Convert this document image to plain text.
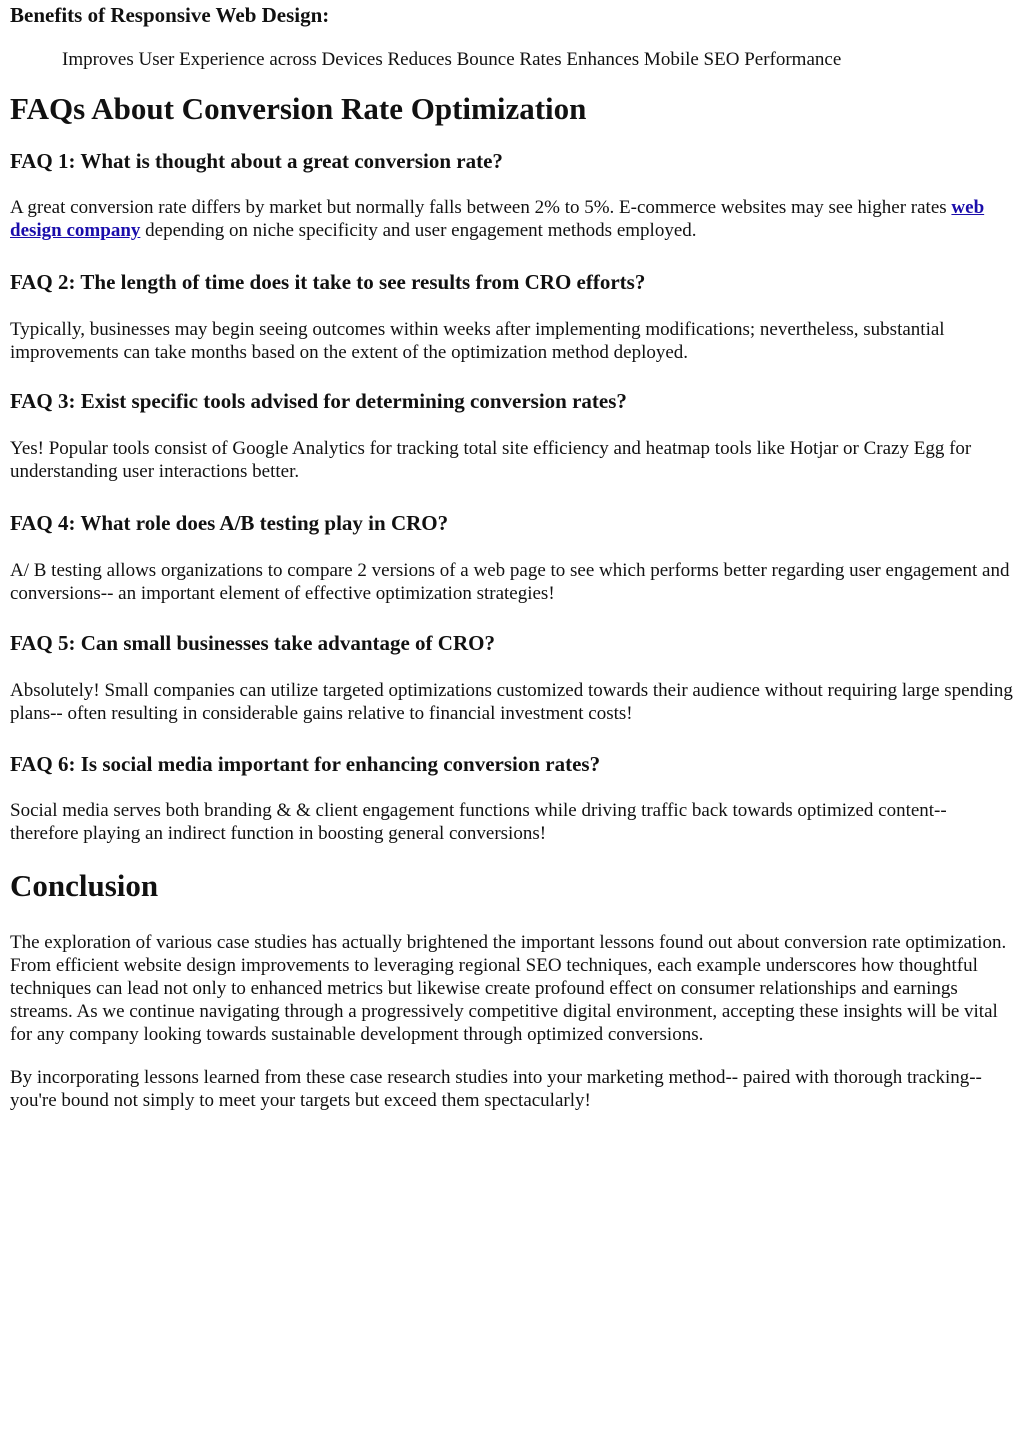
Benefits of Responsive Web Design:
Improves User Experience across Devices Reduces Bounce Rates Enhances Mobile SEO Performance
FAQs About Conversion Rate Optimization
FAQ 1: What is thought about a great conversion rate?

A great conversion rate differs by market but normally falls between 2% to 5%. E-commerce websites may see higher rates web design company depending on niche specificity and user engagement methods employed.

FAQ 2: The length of time does it take to see results from CRO efforts?

Typically, businesses may begin seeing outcomes within weeks after implementing modifications; nevertheless, substantial improvements can take months based on the extent of the optimization method deployed.

FAQ 3: Exist specific tools advised for determining conversion rates?

Yes! Popular tools consist of Google Analytics for tracking total site efficiency and heatmap tools like Hotjar or Crazy Egg for understanding user interactions better.

FAQ 4: What role does A/B testing play in CRO?

A/ B testing allows organizations to compare 2 versions of a web page to see which performs better regarding user engagement and conversions-- an important element of effective optimization strategies!

FAQ 5: Can small businesses take advantage of CRO?

Absolutely! Small companies can utilize targeted optimizations customized towards their audience without requiring large spending plans-- often resulting in considerable gains relative to financial investment costs!

FAQ 6: Is social media important for enhancing conversion rates?

Social media serves both branding & & client engagement functions while driving traffic back towards optimized content-- therefore playing an indirect function in boosting general conversions!

Conclusion

The exploration of various case studies has actually brightened the important lessons found out about conversion rate optimization. From efficient website design improvements to leveraging regional SEO techniques, each example underscores how thoughtful techniques can lead not only to enhanced metrics but likewise create profound effect on consumer relationships and earnings streams. As we continue navigating through a progressively competitive digital environment, accepting these insights will be vital for any company looking towards sustainable development through optimized conversions.

By incorporating lessons learned from these case research studies into your marketing method-- paired with thorough tracking-- you're bound not simply to meet your targets but exceed them spectacularly!
